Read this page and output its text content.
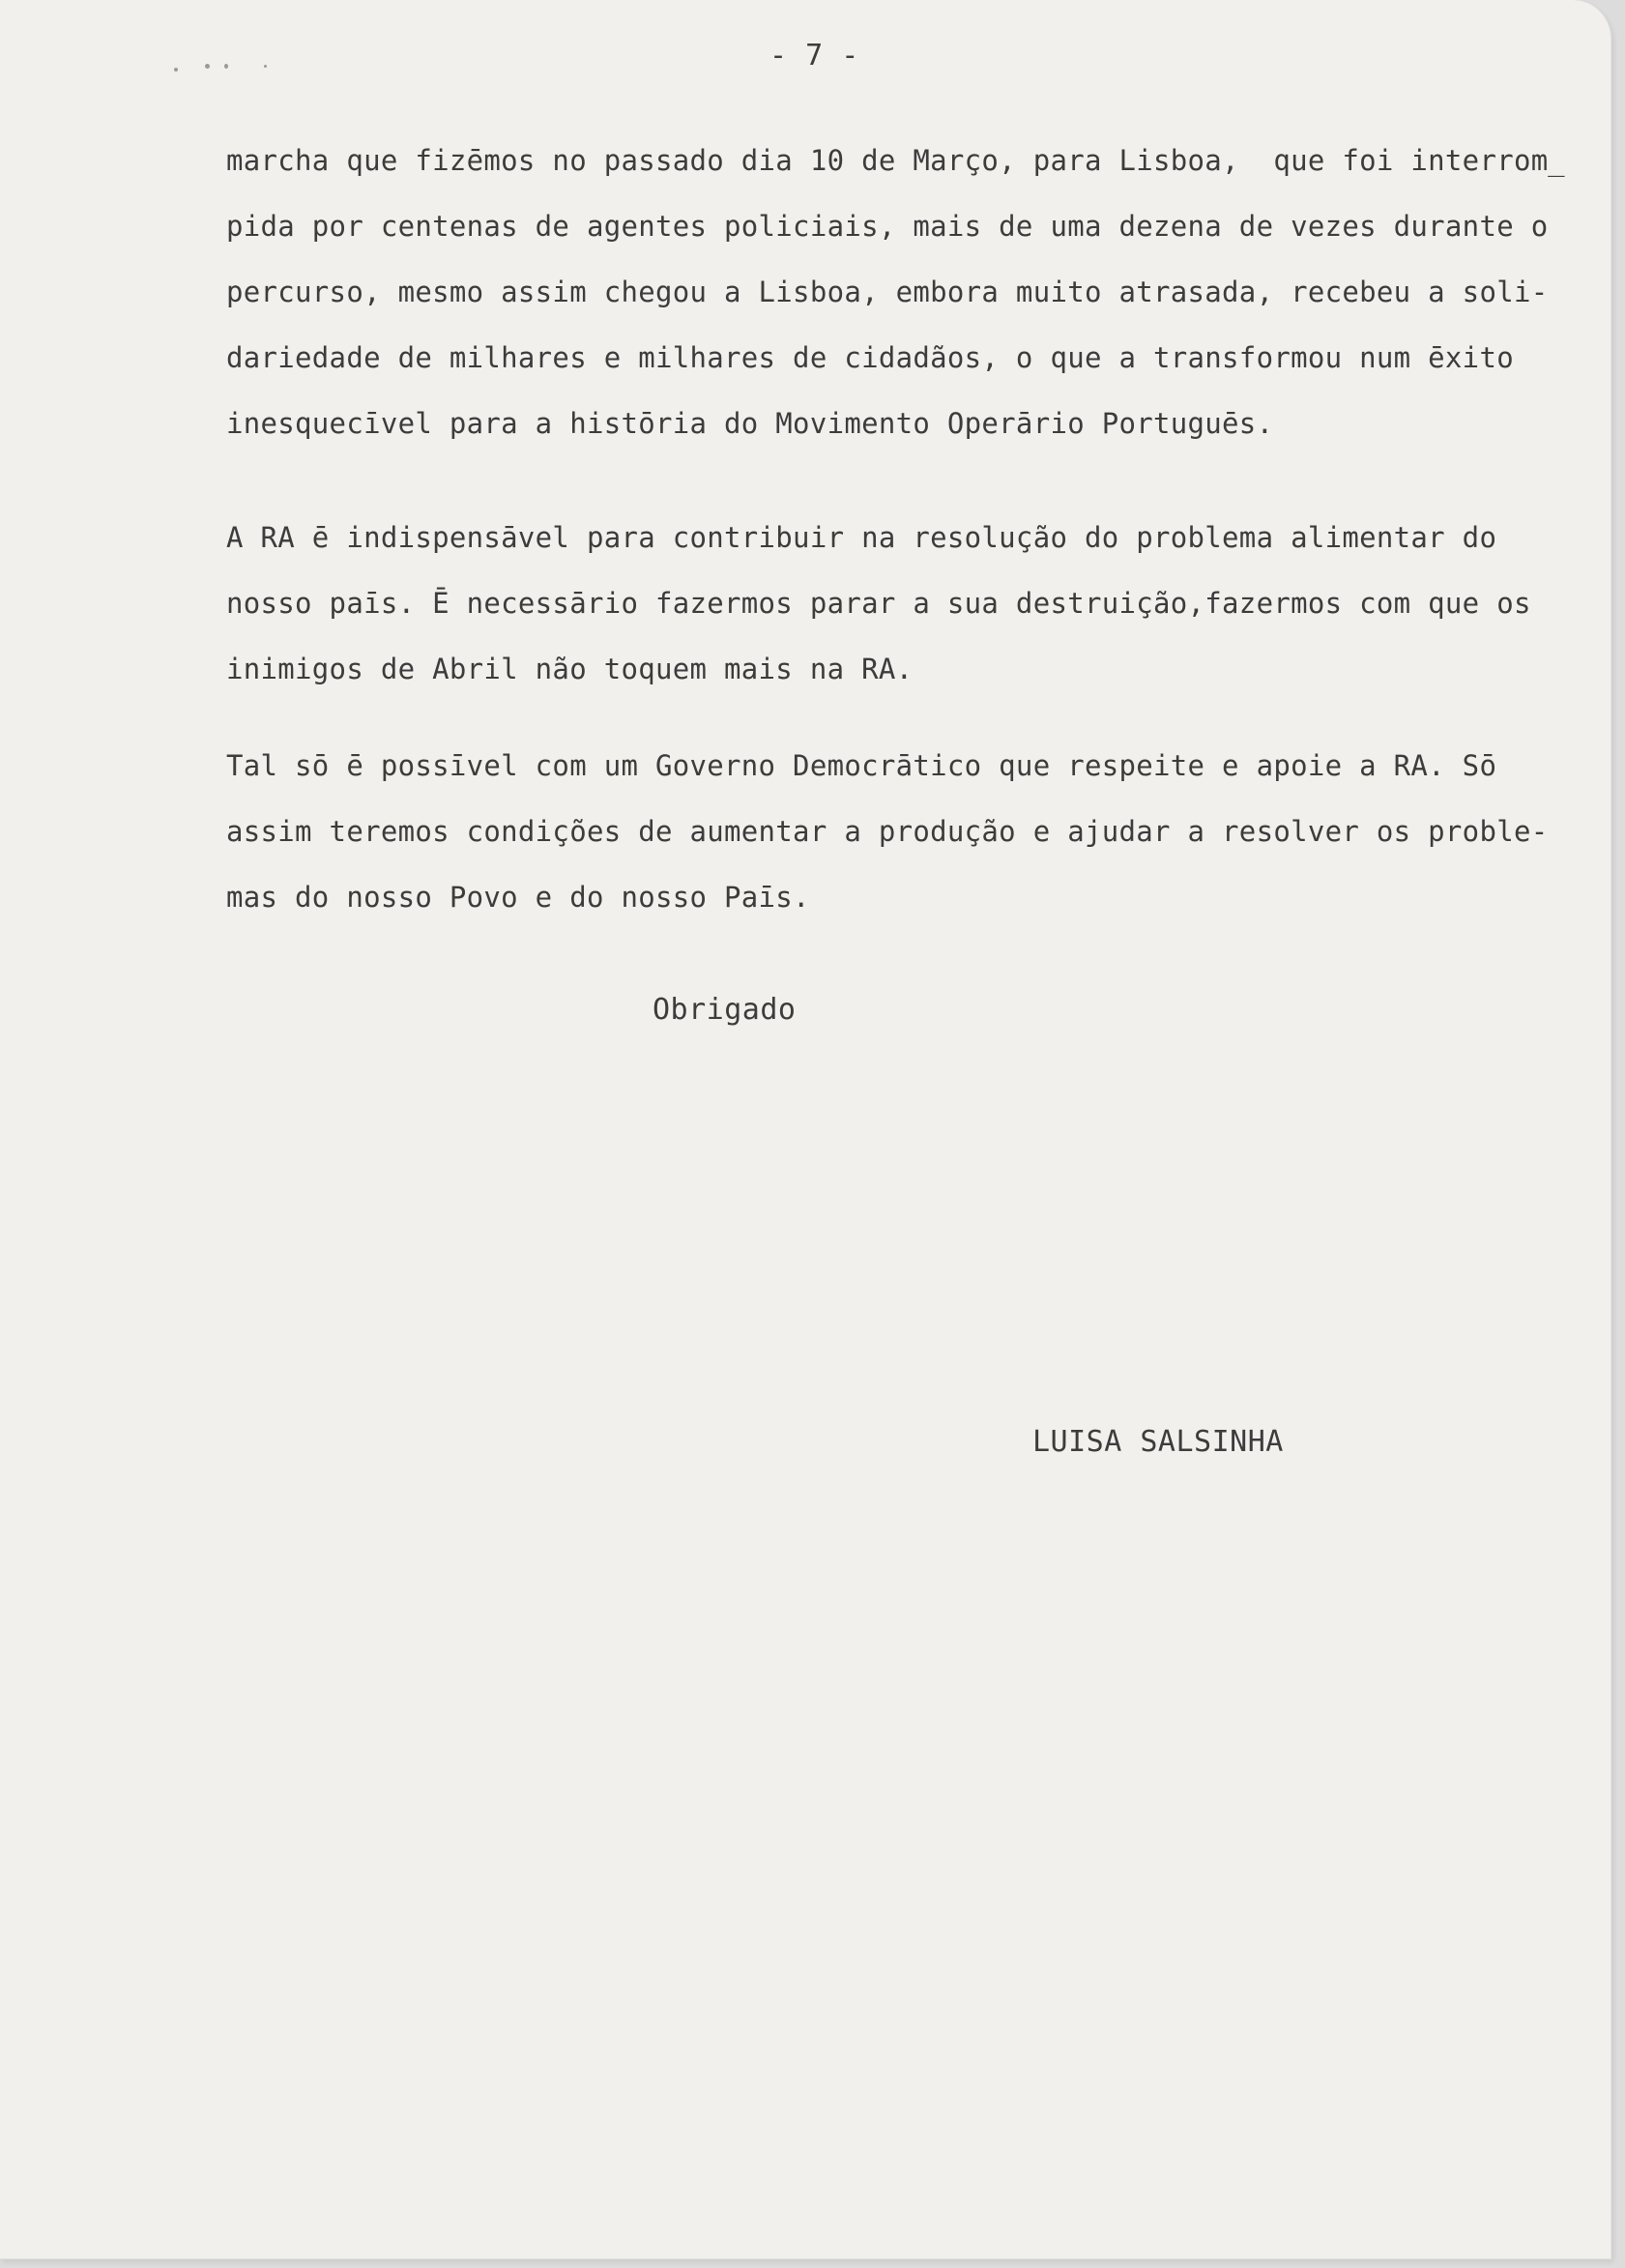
- 7 -
marcha que fizēmos no passado dia 10 de Março, para Lisboa,  que foi interrom̲
pida por centenas de agentes policiais, mais de uma dezena de vezes durante o
percurso, mesmo assim chegou a Lisboa, embora muito atrasada, recebeu a soli-
dariedade de milhares e milhares de cidadãos, o que a transformou num ēxito
inesquecīvel para a histōria do Movimento Operārio Portuguēs.
A RA ē indispensāvel para contribuir na resolução do problema alimentar do
nosso paīs. Ē necessārio fazermos parar a sua destruição,fazermos com que os
inimigos de Abril não toquem mais na RA.
Tal sō ē possīvel com um Governo Democrātico que respeite e apoie a RA. Sō
assim teremos condições de aumentar a produção e ajudar a resolver os proble-
mas do nosso Povo e do nosso Paīs.
Obrigado
LUISA SALSINHA
